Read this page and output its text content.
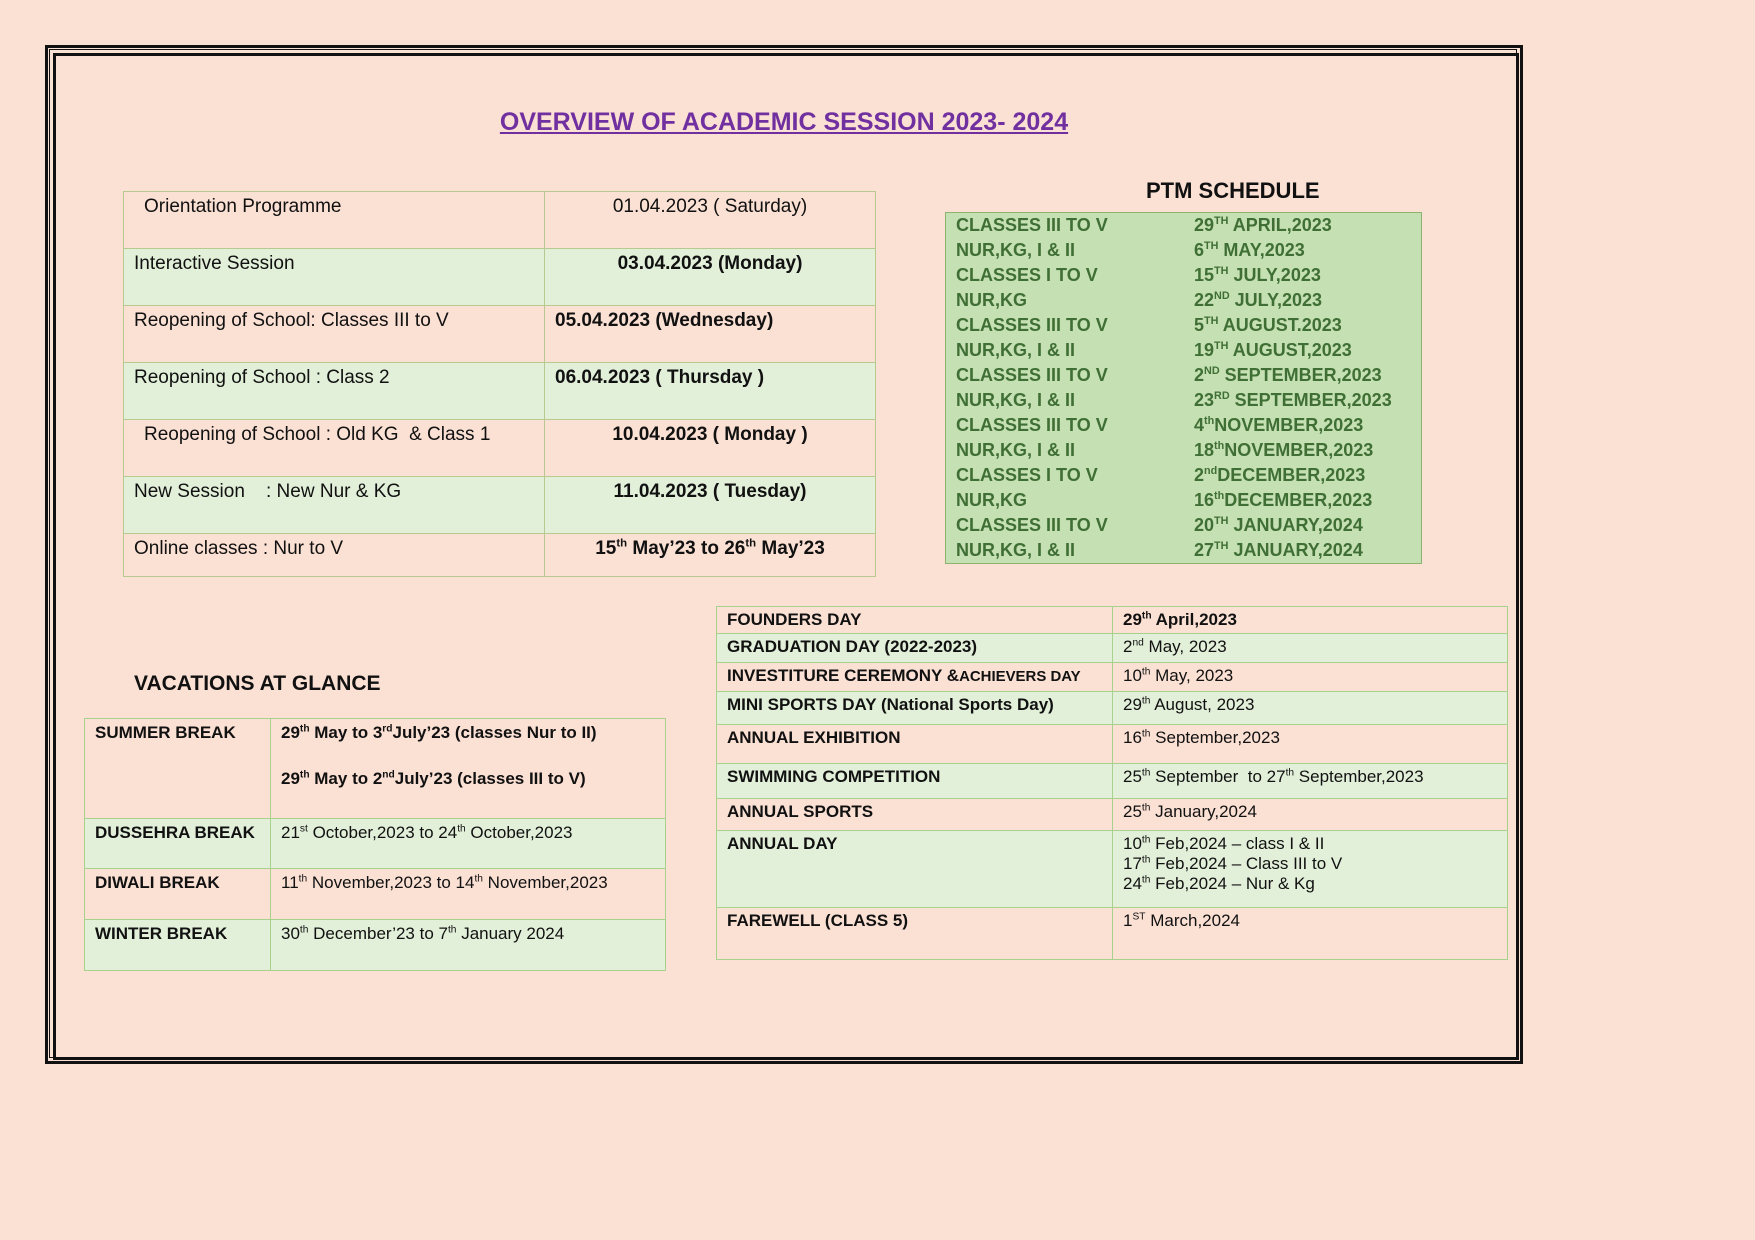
OVERVIEW OF ACADEMIC SESSION 2023- 2024
Orientation Programme	01.04.2023 ( Saturday)
Interactive Session	03.04.2023 (Monday)
Reopening of School: Classes III to V	05.04.2023 (Wednesday)
Reopening of School : Class 2	06.04.2023 ( Thursday )
Reopening of School : Old KG  & Class 1	10.04.2023 ( Monday )
New Session    : New Nur & KG	11.04.2023 ( Tuesday)
Online classes : Nur to V	15th May’23 to 26th May’23
PTM SCHEDULE
CLASSES III TO V	29TH APRIL,2023
NUR,KG, I & II	6TH MAY,2023
CLASSES I TO V	15TH JULY,2023
NUR,KG	22ND JULY,2023
CLASSES III TO V	5TH AUGUST.2023
NUR,KG, I & II	19TH AUGUST,2023
CLASSES III TO V	2ND SEPTEMBER,2023
NUR,KG, I & II	23RD SEPTEMBER,2023
CLASSES III TO V	4thNOVEMBER,2023
NUR,KG, I & II	18thNOVEMBER,2023
CLASSES I TO V	2ndDECEMBER,2023
NUR,KG	16thDECEMBER,2023
CLASSES III TO V	20TH JANUARY,2024
NUR,KG, I & II	27TH JANUARY,2024
VACATIONS AT GLANCE
SUMMER BREAK	29th May to 3rdJuly’23 (classes Nur to II)
29th May to 2ndJuly’23 (classes III to V)

DUSSEHRA BREAK	21st October,2023 to 24th October,2023
DIWALI BREAK	11th November,2023 to 14th November,2023
WINTER BREAK	30th December’23 to 7th January 2024
FOUNDERS DAY	29th April,2023
GRADUATION DAY (2022-2023)	2nd May, 2023
INVESTITURE CEREMONY &ACHIEVERS DAY	10th May, 2023
MINI SPORTS DAY (National Sports Day)	29th August, 2023
ANNUAL EXHIBITION	16th September,2023
SWIMMING COMPETITION	25th September  to 27th September,2023
ANNUAL SPORTS	25th January,2024
ANNUAL DAY	10th Feb,2024 – class I & II
17th Feb,2024 – Class III to V
24th Feb,2024 – Nur & Kg

FAREWELL (CLASS 5)	1ST March,2024
